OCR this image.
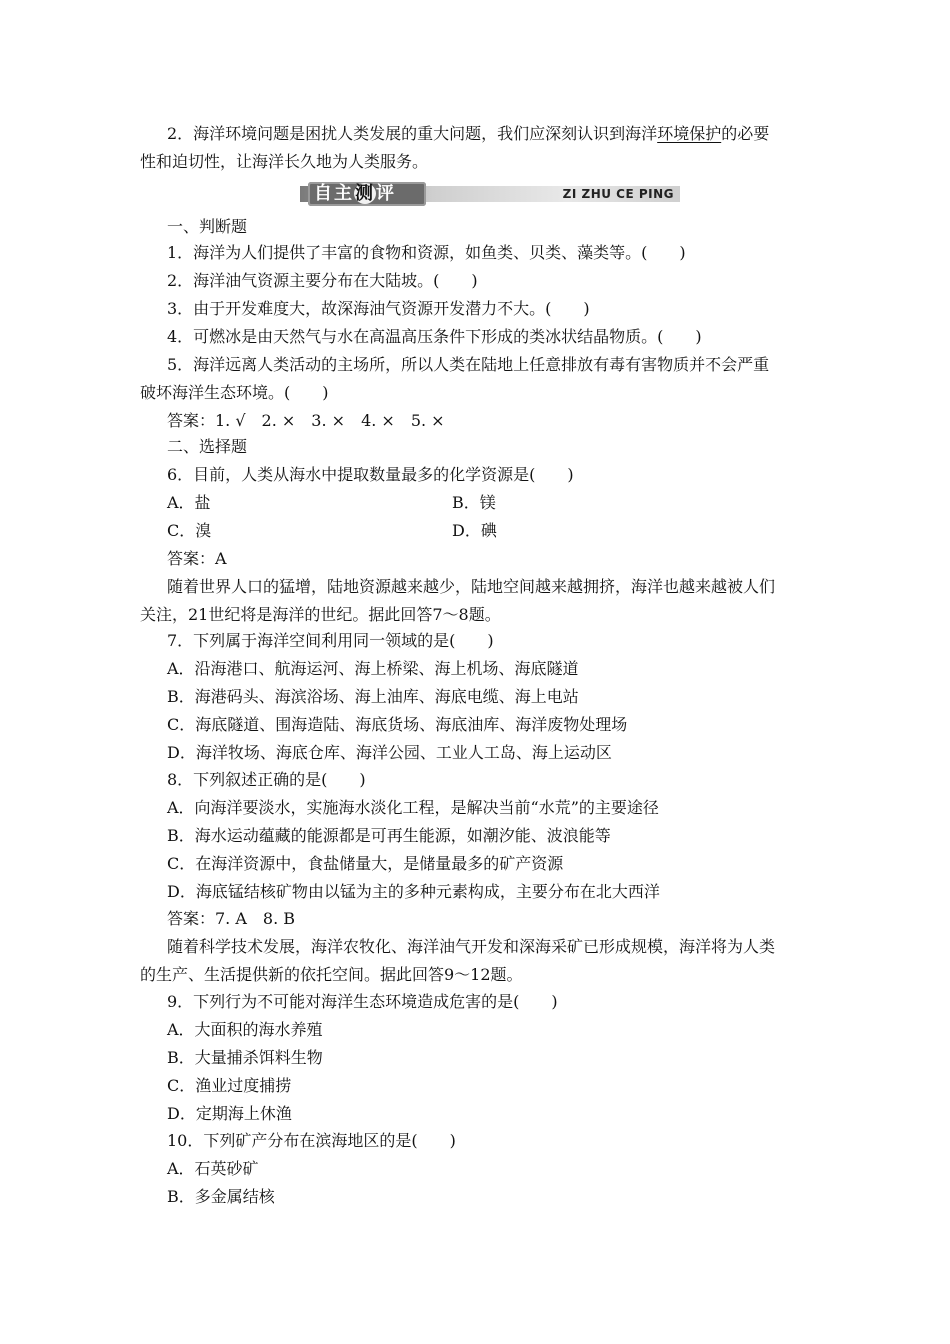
2．海洋环境问题是困扰人类发展的重大问题，我们应深刻认识到海洋环境保护的必要
性和迫切性，让海洋长久地为人类服务。
自主测评	ZI ZHU CE PING
一、判断题
1．海洋为人们提供了丰富的食物和资源，如鱼类、贝类、藻类等。(　　)
2．海洋油气资源主要分布在大陆坡。(　　)
3．由于开发难度大，故深海油气资源开发潜力不大。(　　)
4．可燃冰是由天然气与水在高温高压条件下形成的类冰状结晶物质。(　　)
5．海洋远离人类活动的主场所，所以人类在陆地上任意排放有毒有害物质并不会严重
破坏海洋生态环境。(　　)
答案：1. √　2. ×　3. ×　4. ×　5. ×
二、选择题
6．目前，人类从海水中提取数量最多的化学资源是(　　)
A．盐	B．镁
C．溴	D．碘
答案：A
随着世界人口的猛增，陆地资源越来越少，陆地空间越来越拥挤，海洋也越来越被人们
关注，21世纪将是海洋的世纪。据此回答7～8题。
7．下列属于海洋空间利用同一领域的是(　　)
A．沿海港口、航海运河、海上桥梁、海上机场、海底隧道
B．海港码头、海滨浴场、海上油库、海底电缆、海上电站
C．海底隧道、围海造陆、海底货场、海底油库、海洋废物处理场
D．海洋牧场、海底仓库、海洋公园、工业人工岛、海上运动区
8．下列叙述正确的是(　　)
A．向海洋要淡水，实施海水淡化工程，是解决当前“水荒”的主要途径
B．海水运动蕴藏的能源都是可再生能源，如潮汐能、波浪能等
C．在海洋资源中，食盐储量大，是储量最多的矿产资源
D．海底锰结核矿物由以锰为主的多种元素构成，主要分布在北大西洋
答案：7. A　8. B
随着科学技术发展，海洋农牧化、海洋油气开发和深海采矿已形成规模，海洋将为人类
的生产、生活提供新的依托空间。据此回答9～12题。
9．下列行为不可能对海洋生态环境造成危害的是(　　)
A．大面积的海水养殖
B．大量捕杀饵料生物
C．渔业过度捕捞
D．定期海上休渔
10．下列矿产分布在滨海地区的是(　　)
A．石英砂矿
B．多金属结核
